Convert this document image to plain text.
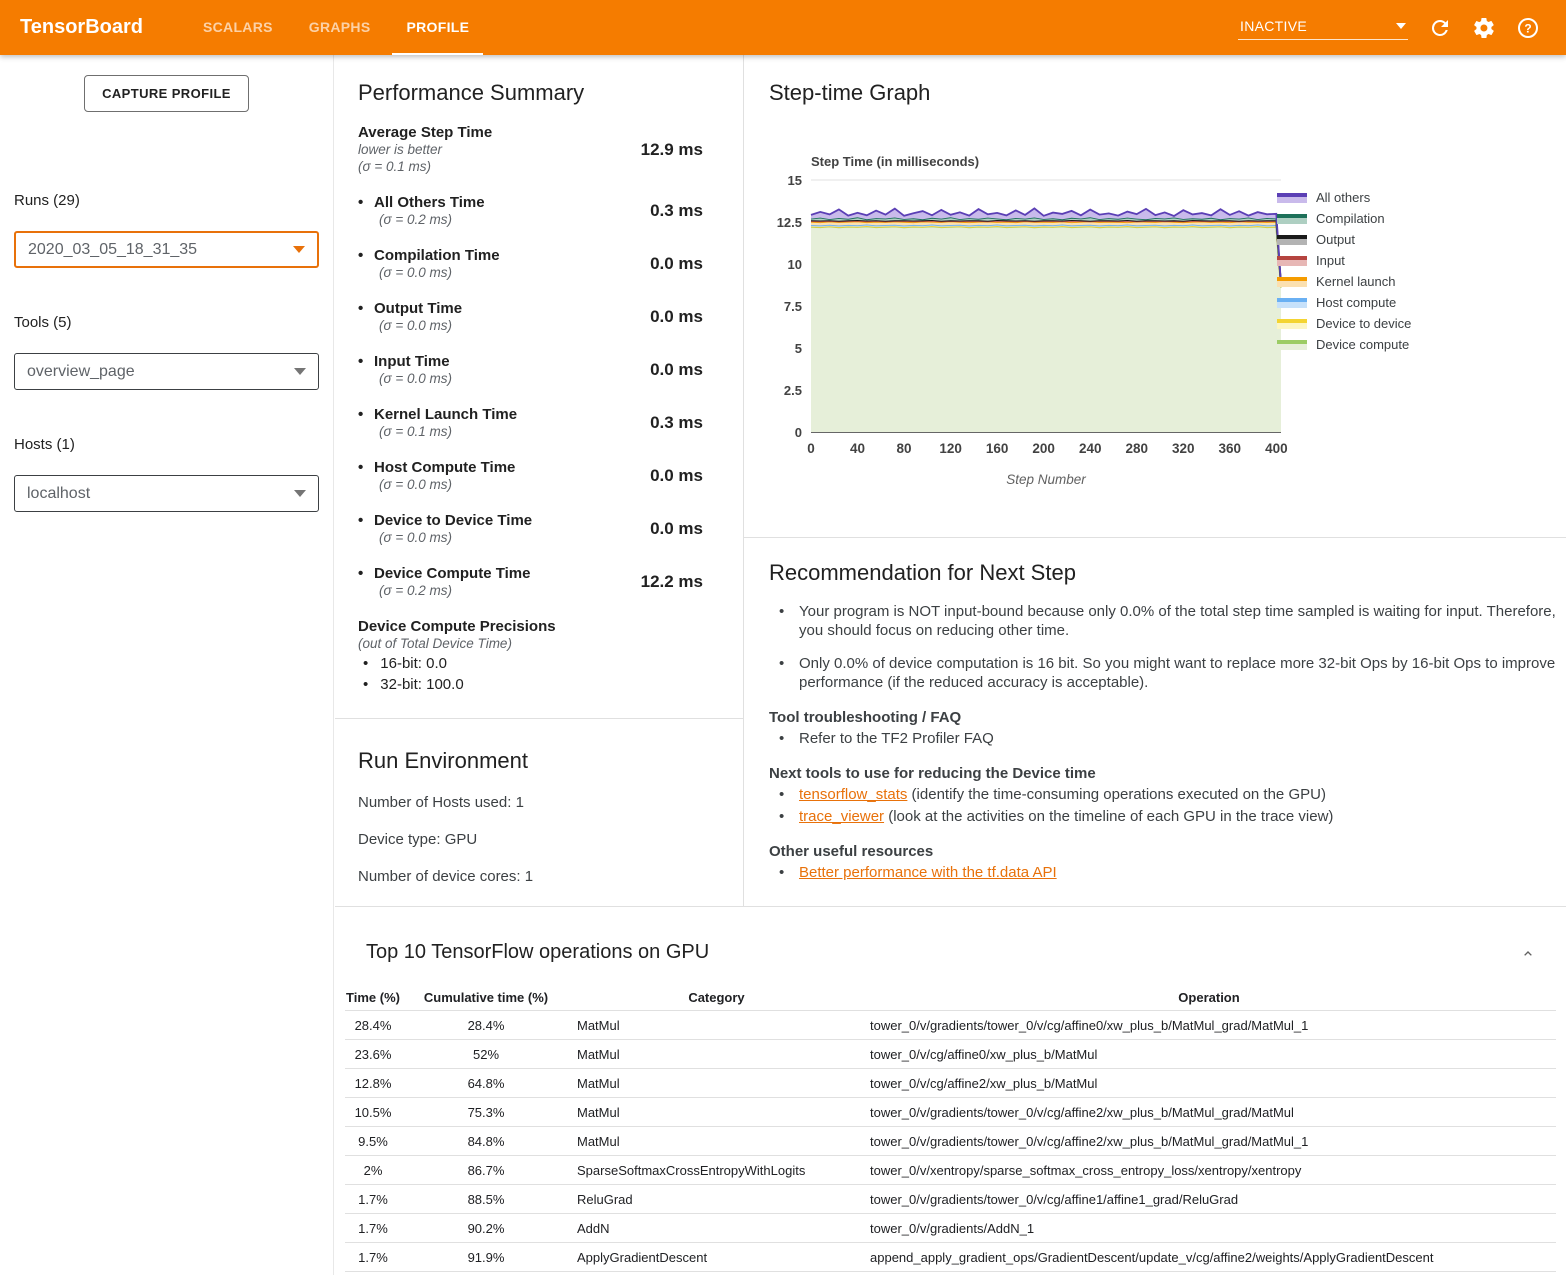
TensorBoard	SCALARS	GRAPHS	PROFILE	INACTIVE	?
CAPTURE PROFILE
Runs (29)
2020_03_05_18_31_35
Tools (5)
overview_page
Hosts (1)
localhost
Performance Summary
Average Step Time
lower is better
(σ = 0.1 ms)
12.9 ms
• All Others Time
(σ = 0.2 ms)	0.3 ms
• Compilation Time
(σ = 0.0 ms)	0.0 ms
• Output Time
(σ = 0.0 ms)	0.0 ms
• Input Time
(σ = 0.0 ms)	0.0 ms
• Kernel Launch Time
(σ = 0.1 ms)	0.3 ms
• Host Compute Time
(σ = 0.0 ms)	0.0 ms
• Device to Device Time
(σ = 0.0 ms)	0.0 ms
• Device Compute Time
(σ = 0.2 ms)	12.2 ms
Device Compute Precisions
(out of Total Device Time)
• 16-bit: 0.0
• 32-bit: 100.0
Run Environment
Number of Hosts used: 1
Device type: GPU
Number of device cores: 1
Step-time Graph
Step Time (in milliseconds)
0
2.5
5
7.5
10
12.5
15
0	40 80 120 160 200 240 280 320 360 400
Step Number
All others
Compilation
Output
Input
Kernel launch
Host compute
Device to device
Device compute
Recommendation for Next Step
• Your program is NOT input-bound because only 0.0% of the total step time sampled is waiting for input. Therefore, you should focus on reducing other time.
• Only 0.0% of device computation is 16 bit. So you might want to replace more 32-bit Ops by 16-bit Ops to improve performance (if the reduced accuracy is acceptable).
Tool troubleshooting / FAQ
• Refer to the TF2 Profiler FAQ
Next tools to use for reducing the Device time
• tensorflow_stats (identify the time-consuming operations executed on the GPU)
• trace_viewer (look at the activities on the timeline of each GPU in the trace view)
Other useful resources
• Better performance with the tf.data API
Top 10 TensorFlow operations on GPU
Time (%)	Cumulative time (%)	Category	Operation
28.4%	28.4%	MatMul	tower_0/v/gradients/tower_0/v/cg/affine0/xw_plus_b/MatMul_grad/MatMul_1
23.6%	52%	MatMul	tower_0/v/cg/affine0/xw_plus_b/MatMul
12.8%	64.8%	MatMul	tower_0/v/cg/affine2/xw_plus_b/MatMul
10.5%	75.3%	MatMul	tower_0/v/gradients/tower_0/v/cg/affine2/xw_plus_b/MatMul_grad/MatMul
9.5%	84.8%	MatMul	tower_0/v/gradients/tower_0/v/cg/affine2/xw_plus_b/MatMul_grad/MatMul_1
2%	86.7%	SparseSoftmaxCrossEntropyWithLogits	tower_0/v/xentropy/sparse_softmax_cross_entropy_loss/xentropy/xentropy
1.7%	88.5%	ReluGrad	tower_0/v/gradients/tower_0/v/cg/affine1/affine1_grad/ReluGrad
1.7%	90.2%	AddN	tower_0/v/gradients/AddN_1
1.7%	91.9%	ApplyGradientDescent	append_apply_gradient_ops/GradientDescent/update_v/cg/affine2/weights/ApplyGradientDescent
